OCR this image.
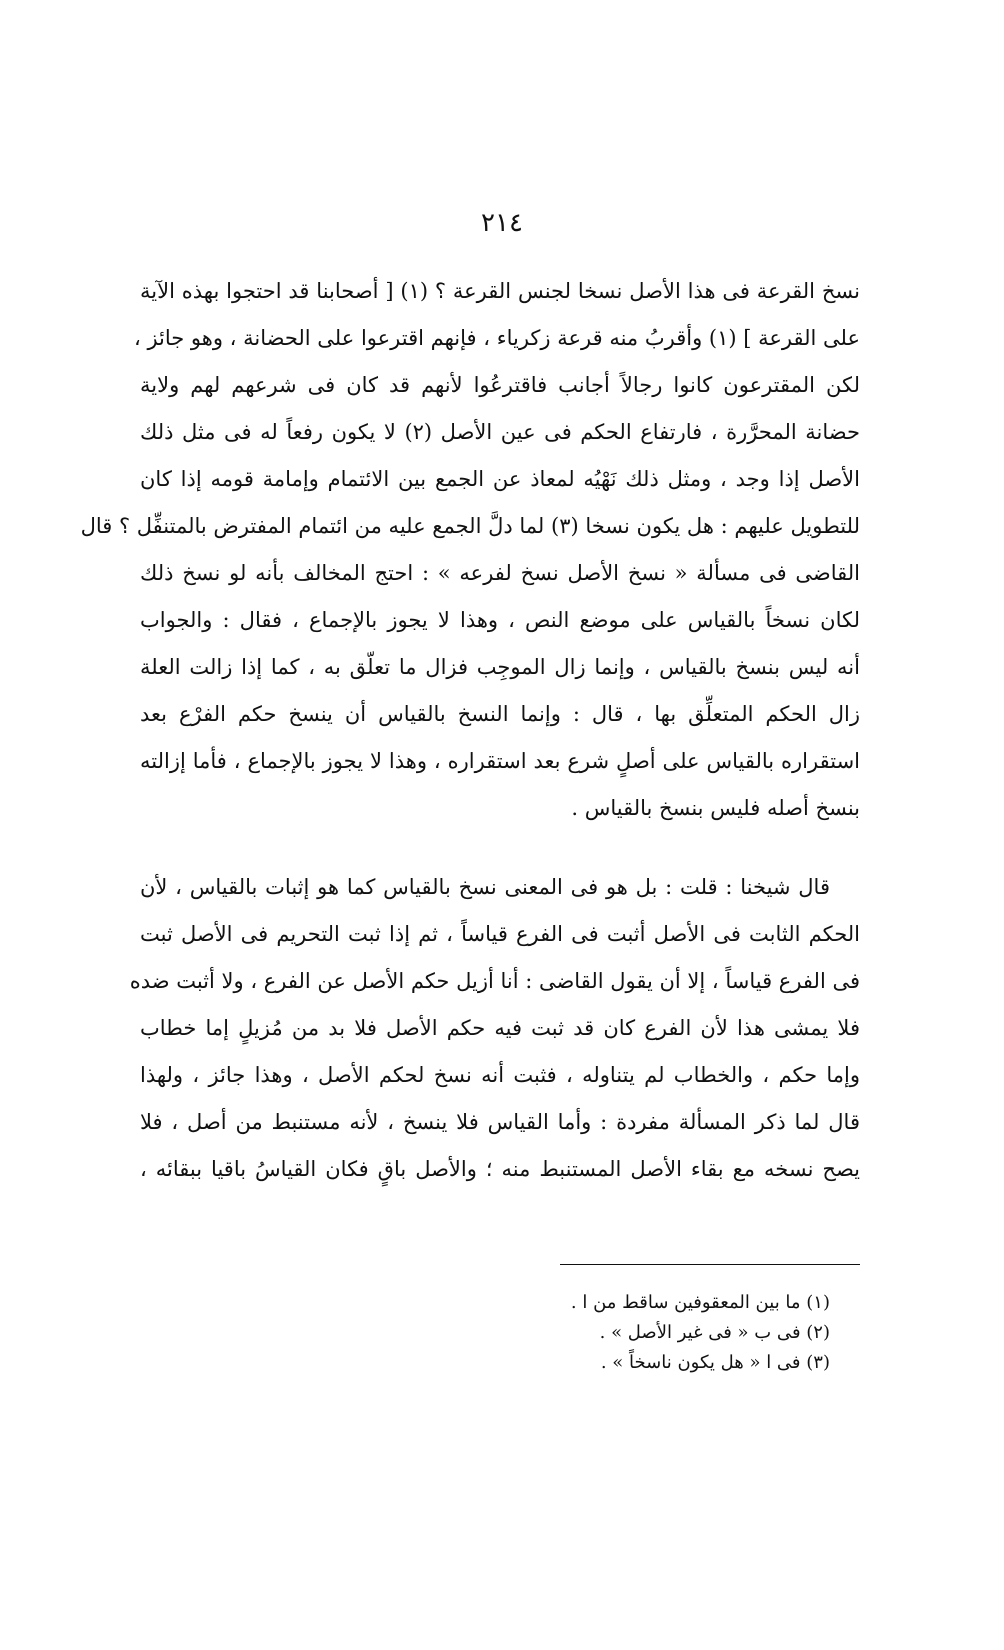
٢١٤
نسخ القرعة فى هذا الأصل نسخا لجنس القرعة ؟ (١) [ أصحابنا قد احتجوا بهذه الآية
على القرعة ] (١) وأقربُ منه قرعة زكرياء ، فإنهم اقترعوا على الحضانة ، وهو جائز ،
لكن المقترعون كانوا رجالاً أجانب فاقترعُوا لأنهم قد كان فى شرعهم لهم ولاية
حضانة المحرَّرة ، فارتفاع الحكم فى عين الأصل (٢) لا يكون رفعاً له فى مثل ذلك
الأصل إذا وجد ، ومثل ذلك نَهْيُه لمعاذ عن الجمع بين الائتمام وإمامة قومه إذا كان
للتطويل عليهم : هل يكون نسخا (٣) لما دلَّ الجمع عليه من ائتمام المفترض بالمتنفِّل ؟ قال
القاضى فى مسألة « نسخ الأصل نسخ لفرعه » : احتج المخالف بأنه لو نسخ ذلك
لكان نسخاً بالقياس على موضع النص ، وهذا لا يجوز بالإجماع ، فقال : والجواب
أنه ليس بنسخ بالقياس ، وإنما زال الموجِب فزال ما تعلّق به ، كما إذا زالت العلة
زال الحكم المتعلِّق بها ، قال : وإنما النسخ بالقياس أن ينسخ حكم الفرْع بعد
استقراره بالقياس على أصلٍ شرع بعد استقراره ، وهذا لا يجوز بالإجماع ، فأما إزالته
بنسخ أصله فليس بنسخ بالقياس .
قال شيخنا : قلت : بل هو فى المعنى نسخ بالقياس كما هو إثبات بالقياس ، لأن
الحكم الثابت فى الأصل أثبت فى الفرع قياساً ، ثم إذا ثبت التحريم فى الأصل ثبت
فى الفرع قياساً ، إلا أن يقول القاضى : أنا أزيل حكم الأصل عن الفرع ، ولا أثبت ضده
فلا يمشى هذا لأن الفرع كان قد ثبت فيه حكم الأصل فلا بد من مُزيلٍ إما خطاب
وإما حكم ، والخطاب لم يتناوله ، فثبت أنه نسخ لحكم الأصل ، وهذا جائز ، ولهذا
قال لما ذكر المسألة مفردة : وأما القياس فلا ينسخ ، لأنه مستنبط من أصل ، فلا
يصح نسخه مع بقاء الأصل المستنبط منه ؛ والأصل باقٍ فكان القياسُ باقيا ببقائه ،
(١) ما بين المعقوفين ساقط من ا .
(٢) فى ب « فى غير الأصل » .
(٣) فى ا « هل يكون ناسخاً » .
